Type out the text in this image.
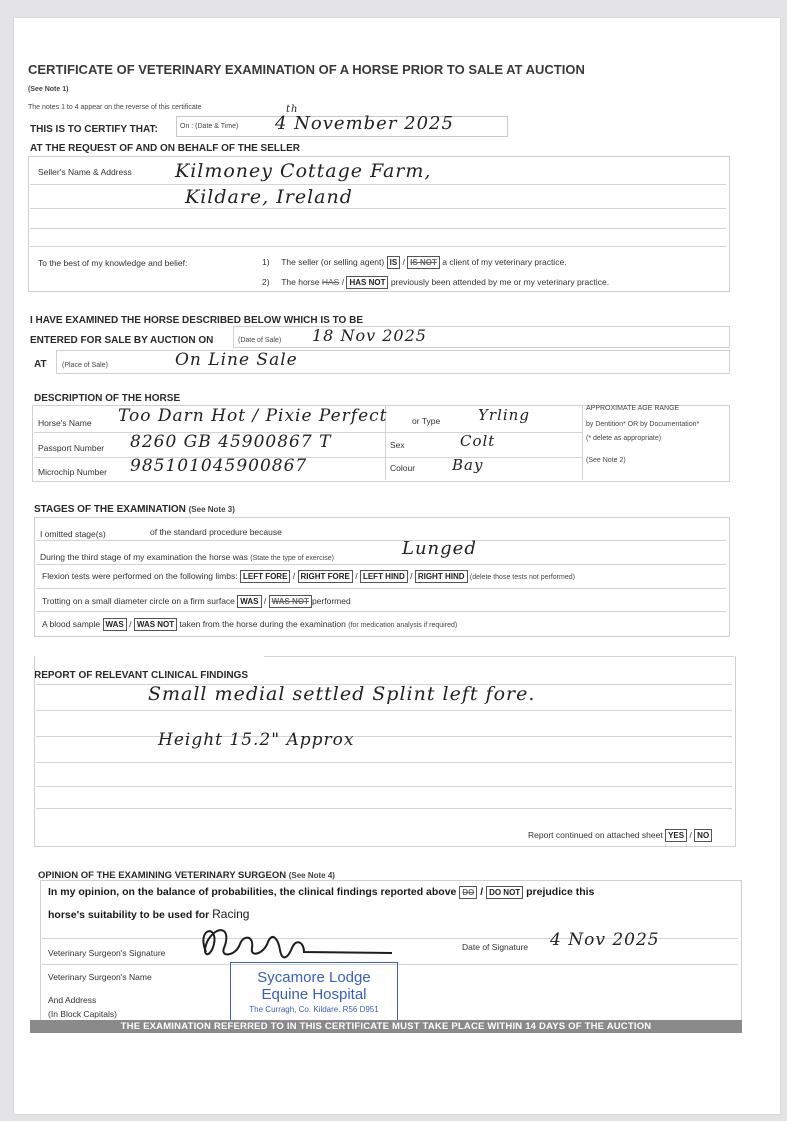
CERTIFICATE OF VETERINARY EXAMINATION OF A HORSE PRIOR TO SALE AT AUCTION
(See Note 1)
The notes 1 to 4 appear on the reverse of this certificate
THIS IS TO CERTIFY THAT:	On : (Date & Time) 4 November 2025
th
AT THE REQUEST OF AND ON BEHALF OF THE SELLER
Seller's Name & Address Kilmoney Cottage Farm,
Kildare, Ireland
To the best of my knowledge and belief:	1) The seller (or selling agent) IS / IS NOT a client of my veterinary practice.
2) The horse HAS / HAS NOT previously been attended by me or my veterinary practice.
I HAVE EXAMINED THE HORSE DESCRIBED BELOW WHICH IS TO BE
ENTERED FOR SALE BY AUCTION ON	(Date of Sale) 18 Nov 2025
AT (Place of Sale)	On Line Sale
DESCRIPTION OF THE HORSE
Horse's Name Too Darn Hot / Pixie Perfect
Passport Number 8260 GB 45900867 T
Microchip Number 985101045900867
or Type	Yrling
Sex	Colt
Colour Bay
APPROXIMATE AGE RANGE
by Dentition* OR by Documentation*
(* delete as appropriate)
(See Note 2)
STAGES OF THE EXAMINATION (See Note 3)
I omitted stage(s)	of the standard procedure because
During the third stage of my examination the horse was (State the type of exercise)	Lunged
Flexion tests were performed on the following limbs: LEFT FORE / RIGHT FORE / LEFT HIND / RIGHT HIND (delete those tests not performed)
Trotting on a small diameter circle on a firm surface WAS / WAS NOT performed
A blood sample WAS / WAS NOT taken from the horse during the examination (for medication analysis if required)
REPORT OF RELEVANT CLINICAL FINDINGS
Small medial settled Splint left fore.
Height 15.2" Approx
Report continued on attached sheet YES / NO
OPINION OF THE EXAMINING VETERINARY SURGEON (See Note 4)
In my opinion, on the balance of probabilities, the clinical findings reported above DO / DO NOT prejudice this
horse's suitability to be used for Racing
Veterinary Surgeon's Signature
Date of Signature 4 Nov 2025
Veterinary Surgeon's Name
And Address
(In Block Capitals)
Sycamore Lodge
Equine Hospital
The Curragh, Co. Kildare. R56 D951
THE EXAMINATION REFERRED TO IN THIS CERTIFICATE MUST TAKE PLACE WITHIN 14 DAYS OF THE AUCTION
